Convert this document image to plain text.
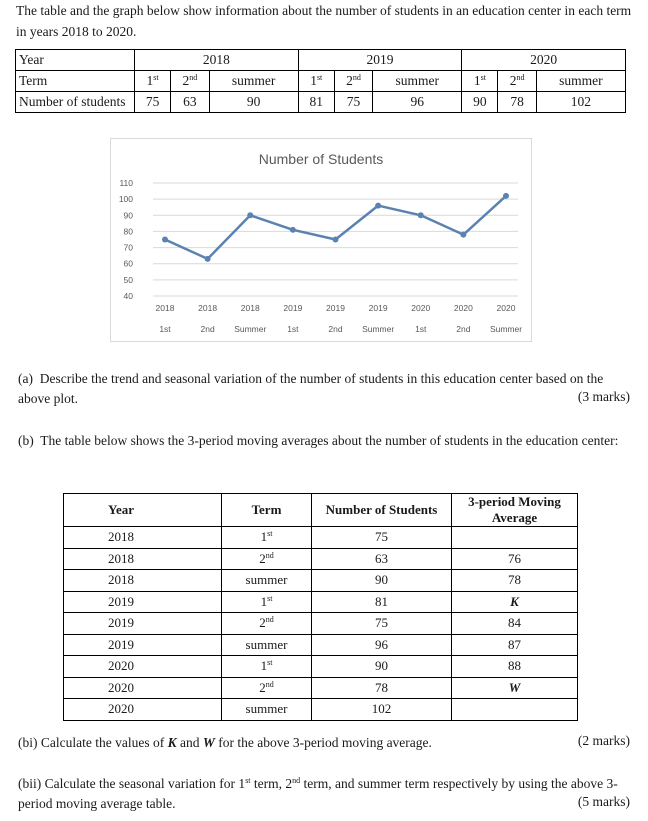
The table and the graph below show information about the number of students in an education center in each term in years 2018 to 2020.
Year	2018			2019			2020		
Term	1st	2nd	summer	1st	2nd	summer	1st	2nd	summer
Number of students	75	63	90	81	75	96	90	78	102
Number of Students
40
50
60
70
80
90
100
110
2018
1st
2018
2nd
2018
Summer
2019
1st
2019
2nd
2019
Summer
2020
1st
2020
2nd
2020
Summer
(a) Describe the trend and seasonal variation of the number of students in this education center based on the above plot.	(3 marks)
(b) The table below shows the 3-period moving averages about the number of students in the education center:
Year	Term	Number of Students	3-period Moving Average
2018	1st	75	
2018	2nd	63	76
2018	summer	90	78
2019	1st	81	K
2019	2nd	75	84
2019	summer	96	87
2020	1st	90	88
2020	2nd	78	W
2020	summer	102	
(bi) Calculate the values of K and W for the above 3-period moving average.	(2 marks)
(bii) Calculate the seasonal variation for 1st term, 2nd term, and summer term respectively by using the above 3-period moving average table.	(5 marks)
